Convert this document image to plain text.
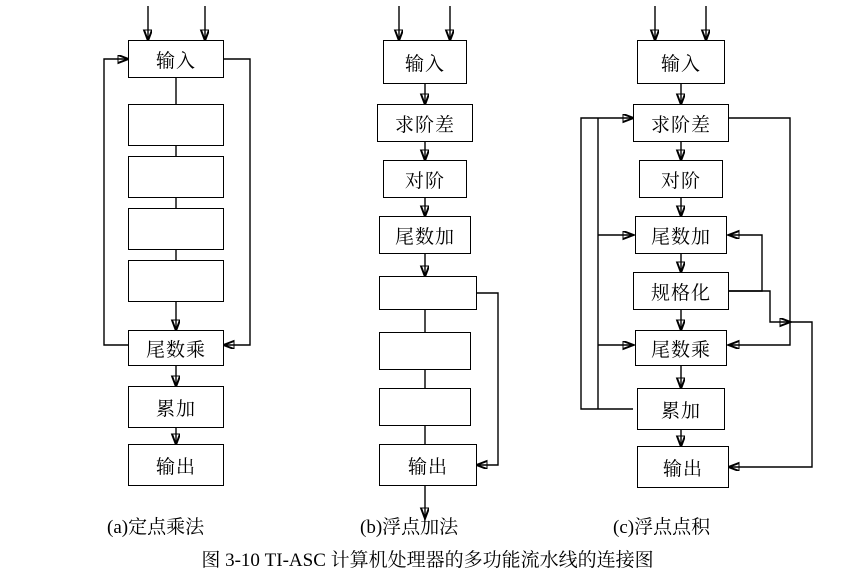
输入
尾数乘
累加
输出
(a)定点乘法
输入
求阶差
对阶
尾数加
输出
(b)浮点加法
输入
求阶差
对阶
尾数加
规格化
尾数乘
累加
输出
(c)浮点点积
图 3-10 TI-ASC 计算机处理器的多功能流水线的连接图
